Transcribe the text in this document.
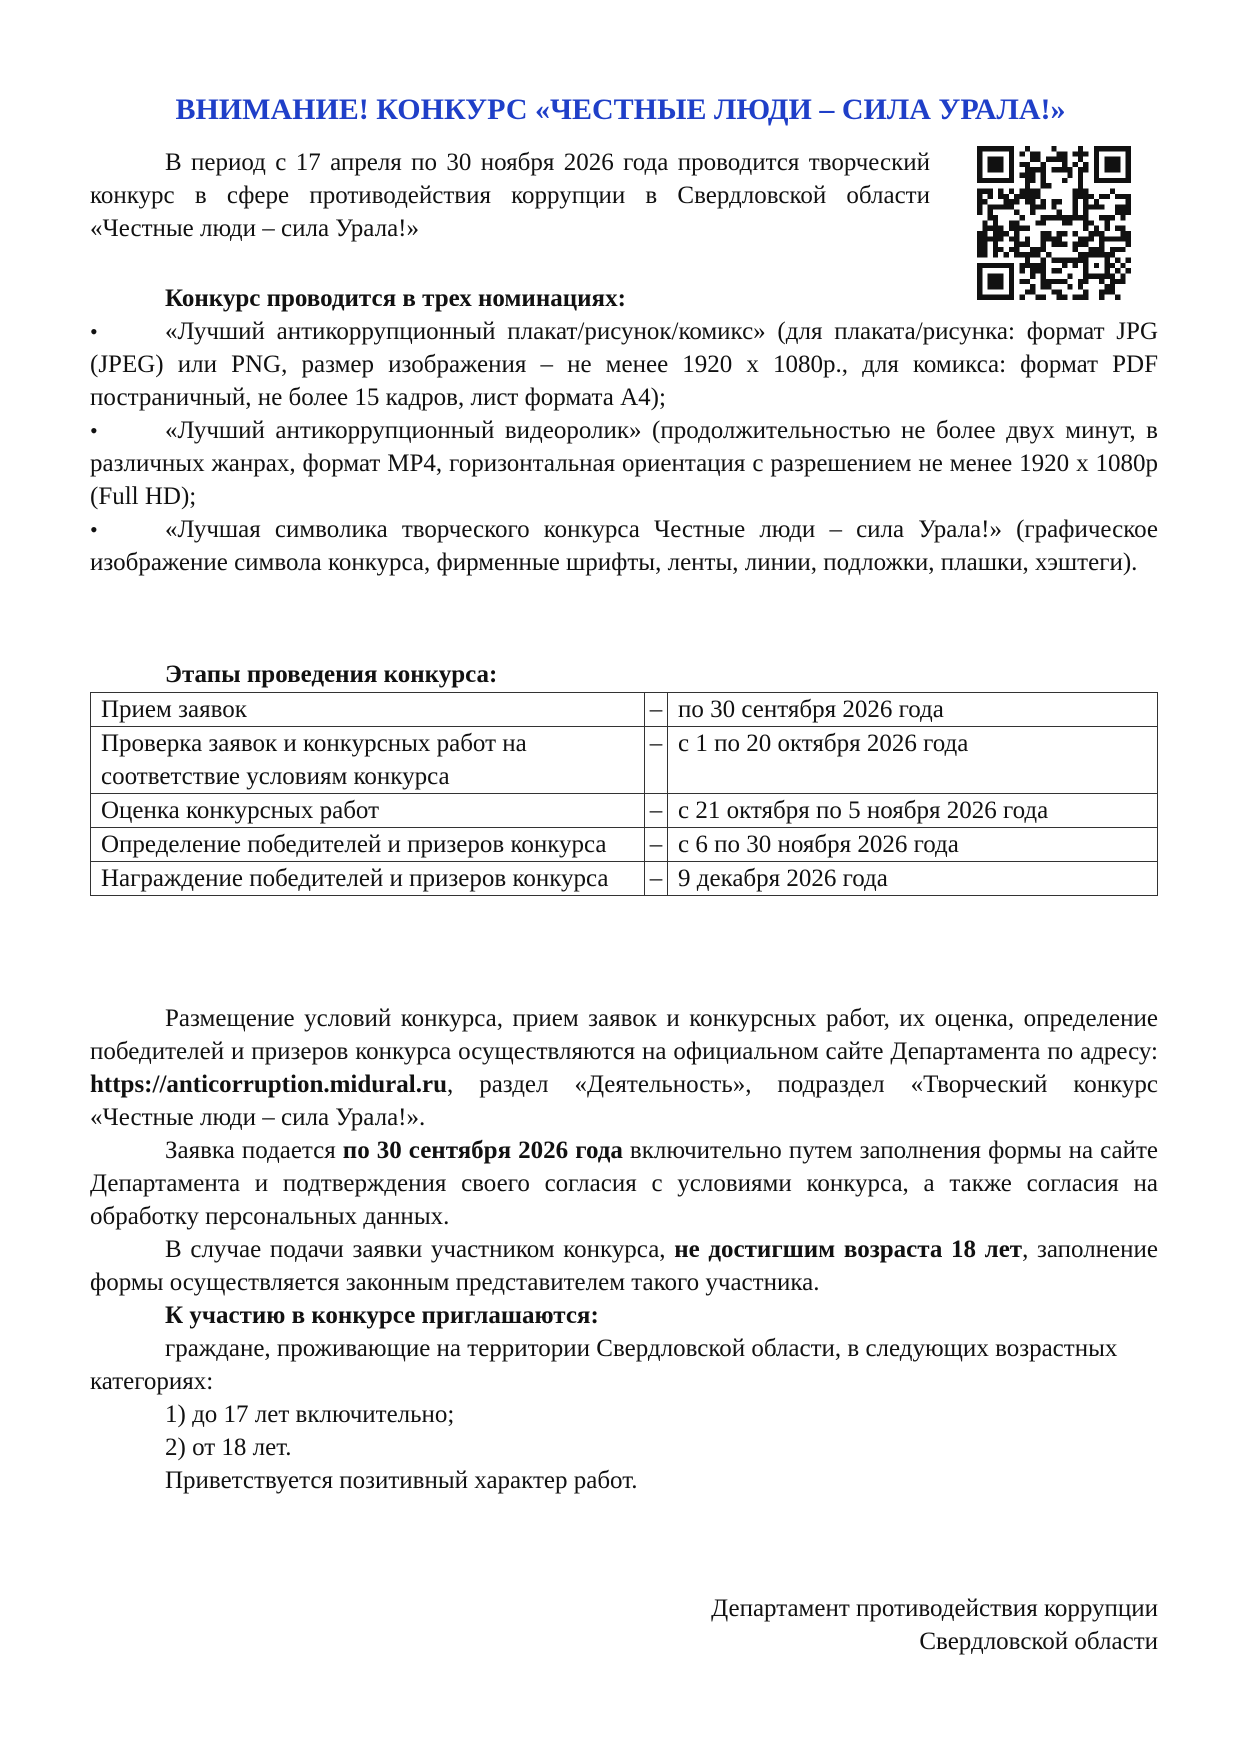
ВНИМАНИЕ! КОНКУРС «ЧЕСТНЫЕ ЛЮДИ – СИЛА УРАЛА!»

В период с 17 апреля по 30 ноября 2026 года проводится творческий конкурс в сфере противодействия коррупции в Свердловской области «Честные люди – сила Урала!»

Конкурс проводится в трех номинациях:

•	«Лучший антикоррупционный плакат/рисунок/комикс» (для плаката/рисунка: формат JPG (JPEG) или PNG, размер изображения – не менее 1920 x 1080р., для комикса: формат PDF постраничный, не более 15 кадров, лист формата А4);
•	«Лучший антикоррупционный видеоролик» (продолжительностью не более двух минут, в различных жанрах, формат MP4, горизонтальная ориентация с разрешением не менее 1920 x 1080р (Full HD);
•	«Лучшая символика творческого конкурса Честные люди – сила Урала!» (графическое изображение символа конкурса, фирменные шрифты, ленты, линии, подложки, плашки, хэштеги).

Этапы проведения конкурса:

Прием заявок	–	по 30 сентября 2026 года
Проверка заявок и конкурсных работ на соответствие условиям конкурса	–	с 1 по 20 октября 2026 года
Оценка конкурсных работ	–	с 21 октября по 5 ноября 2026 года
Определение победителей и призеров конкурса	–	с 6 по 30 ноября 2026 года
Награждение победителей и призеров конкурса	–	9 декабря 2026 года

Размещение условий конкурса, прием заявок и конкурсных работ, их оценка, определение победителей и призеров конкурса осуществляются на официальном сайте Департамента по адресу: https://anticorruption.midural.ru, раздел «Деятельность», подраздел «Творческий конкурс «Честные люди – сила Урала!».

Заявка подается по 30 сентября 2026 года включительно путем заполнения формы на сайте Департамента и подтверждения своего согласия с условиями конкурса, а также согласия на обработку персональных данных.

В случае подачи заявки участником конкурса, не достигшим возраста 18 лет, заполнение формы осуществляется законным представителем такого участника.

К участию в конкурсе приглашаются:

граждане, проживающие на территории Свердловской области, в следующих возрастных категориях:

1) до 17 лет включительно;

2) от 18 лет.

Приветствуется позитивный характер работ.

Департамент противодействия коррупции

Свердловской области
